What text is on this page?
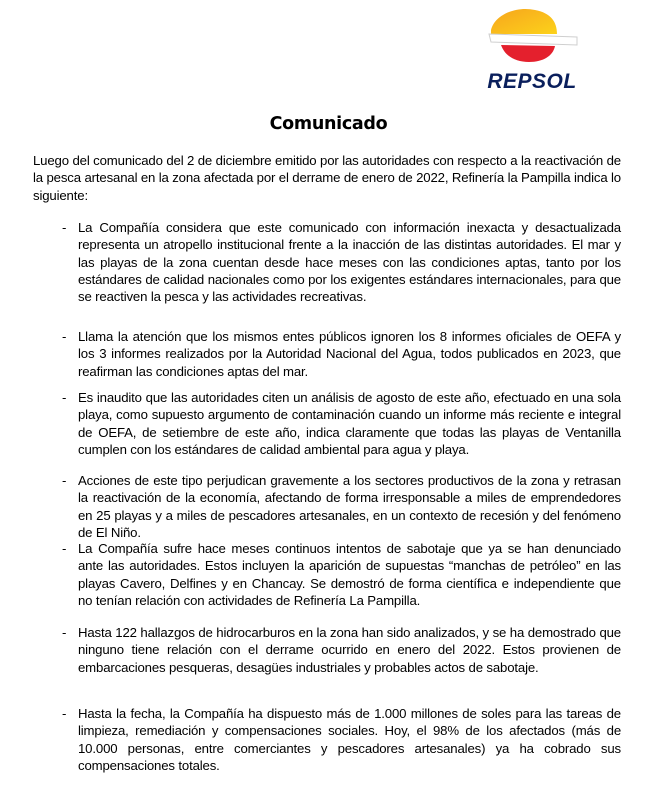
REPSOL
Comunicado
Luego del comunicado del 2 de diciembre emitido por las autoridades con respecto a la reactivación de la pesca artesanal en la zona afectada por el derrame de enero de 2022, Refinería la Pampilla indica lo siguiente:
- La Compañía considera que este comunicado con información inexacta y desactualizada representa un atropello institucional frente a la inacción de las distintas autoridades. El mar y las playas de la zona cuentan desde hace meses con las condiciones aptas, tanto por los estándares de calidad nacionales como por los exigentes estándares internacionales, para que se reactiven la pesca y las actividades recreativas.
- Llama la atención que los mismos entes públicos ignoren los 8 informes oficiales de OEFA y los 3 informes realizados por la Autoridad Nacional del Agua, todos publicados en 2023, que reafirman las condiciones aptas del mar.
- Es inaudito que las autoridades citen un análisis de agosto de este año, efectuado en una sola playa, como supuesto argumento de contaminación cuando un informe más reciente e integral de OEFA, de setiembre de este año, indica claramente que todas las playas de Ventanilla cumplen con los estándares de calidad ambiental para agua y playa.
- Acciones de este tipo perjudican gravemente a los sectores productivos de la zona y retrasan la reactivación de la economía, afectando de forma irresponsable a miles de emprendedores en 25 playas y a miles de pescadores artesanales, en un contexto de recesión y del fenómeno de El Niño.
- La Compañía sufre hace meses continuos intentos de sabotaje que ya se han denunciado ante las autoridades. Estos incluyen la aparición de supuestas “manchas de petróleo” en las playas Cavero, Delfines y en Chancay. Se demostró de forma científica e independiente que no tenían relación con actividades de Refinería La Pampilla.
- Hasta 122 hallazgos de hidrocarburos en la zona han sido analizados, y se ha demostrado que ninguno tiene relación con el derrame ocurrido en enero del 2022. Estos provienen de embarcaciones pesqueras, desagües industriales y probables actos de sabotaje.
- Hasta la fecha, la Compañía ha dispuesto más de 1.000 millones de soles para las tareas de limpieza, remediación y compensaciones sociales. Hoy, el 98% de los afectados (más de 10.000 personas, entre comerciantes y pescadores artesanales) ya ha cobrado sus compensaciones totales.
